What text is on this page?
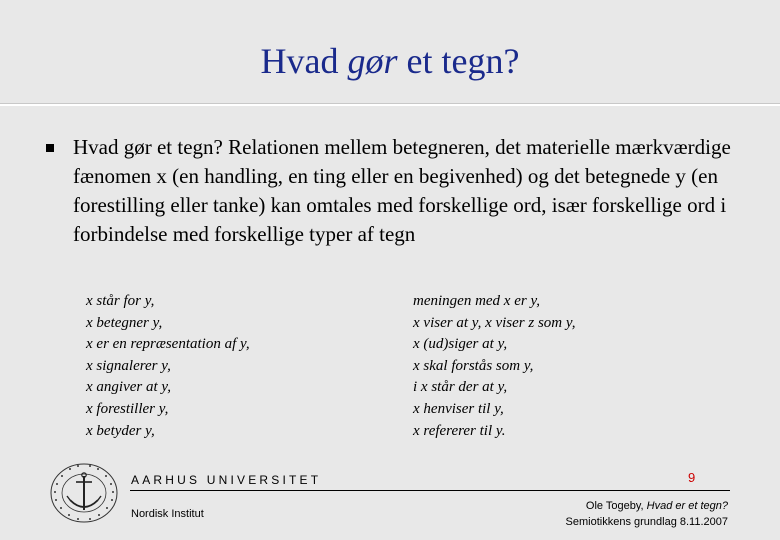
Hvad gør et tegn?
Hvad gør et tegn? Relationen mellem betegneren, det materielle mærkværdige fænomen x (en handling, en ting eller en begivenhed) og det betegnede y (en forestilling eller tanke) kan omtales med forskellige ord, især forskellige ord i forbindelse med forskellige typer af tegn
x står for y,
x betegner y,
x er en repræsentation af y,
x signalerer y,
x angiver at y,
x forestiller y,
x betyder y,
meningen med x er y,
x viser at y, x viser z som y,
x (ud)siger at y,
x skal forstås som y,
i x står der at y,
x henviser til y,
x refererer til y.
AARHUS UNIVERSITET
Nordisk Institut
9
Ole Togeby, Hvad er et tegn?
Semiotikkens grundlag 8.11.2007
